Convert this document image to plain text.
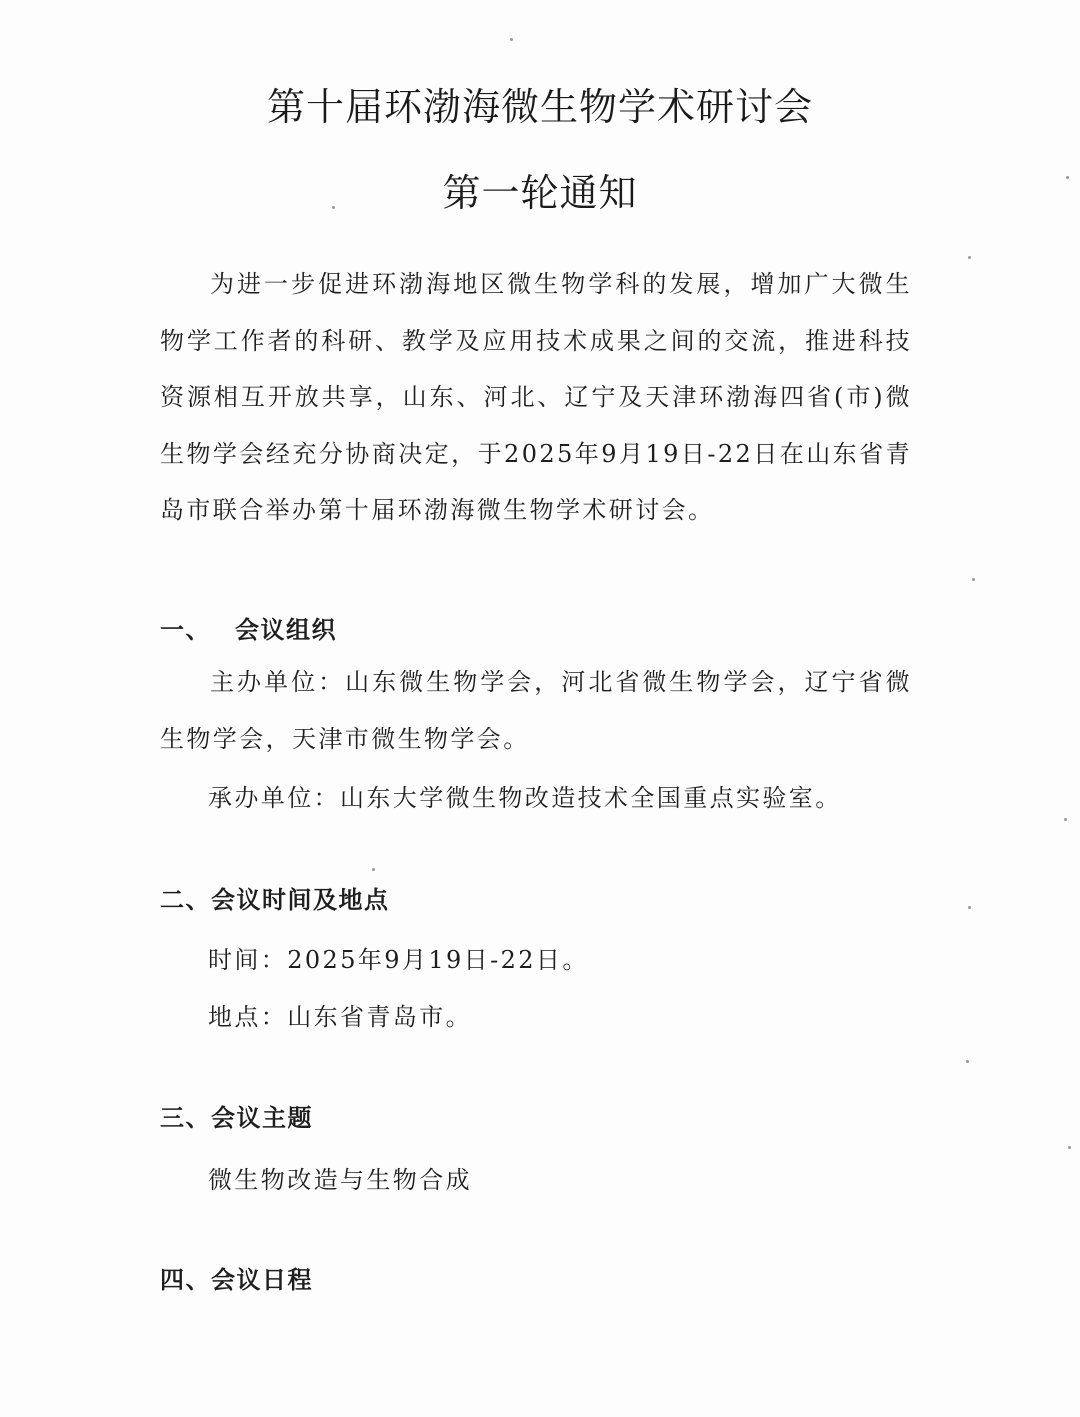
第十届环渤海微生物学术研讨会
第一轮通知

为进一步促进环渤海地区微生物学科的发展，增加广大微生物学工作者的科研、教学及应用技术成果之间的交流，推进科技资源相互开放共享，山东、河北、辽宁及天津环渤海四省(市)微生物学会经充分协商决定，于2025年9月19日-22日在山东省青岛市联合举办第十届环渤海微生物学术研讨会。

一、 会议组织

主办单位：山东微生物学会，河北省微生物学会，辽宁省微生物学会，天津市微生物学会。

承办单位：山东大学微生物改造技术全国重点实验室。

二、会议时间及地点

时间：2025年9月19日-22日。

地点：山东省青岛市。

三、会议主题

微生物改造与生物合成

四、会议日程
